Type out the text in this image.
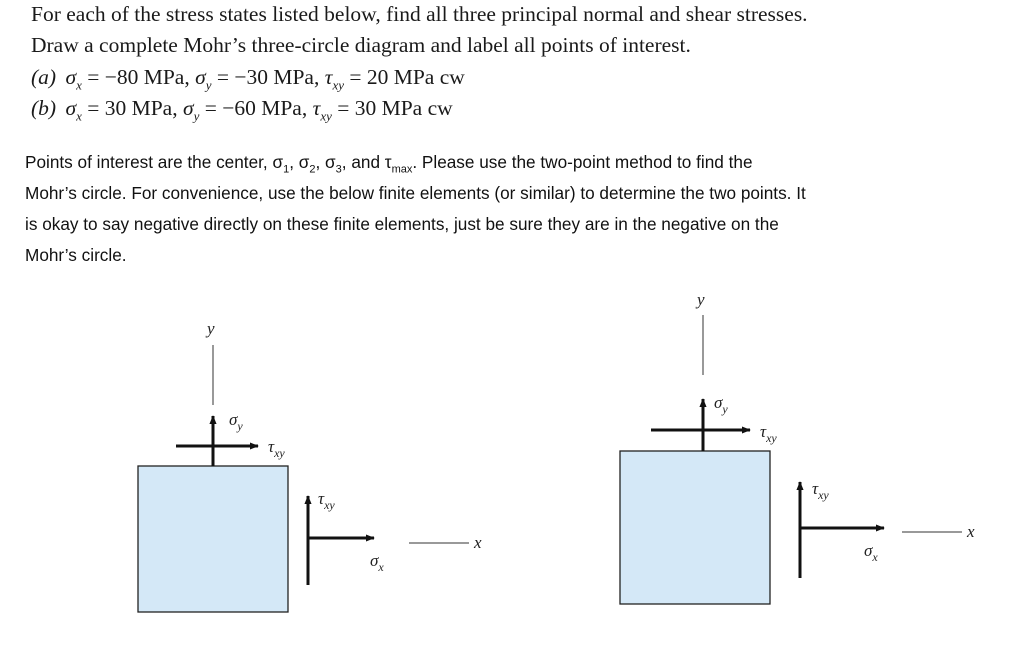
For each of the stress states listed below, find all three principal normal and shear stresses.
Draw a complete Mohr’s three-circle diagram and label all points of interest.
(a) $\sigma_x = -80$ MPa, $\sigma_y = -30$ MPa, $\tau_{xy} = 20$ MPa cw
(b) $\sigma_x = 30$ MPa, $\sigma_y = -60$ MPa, $\tau_{xy} = 30$ MPa cw
Points of interest are the center, $\sigma_1$, $\sigma_2$, $\sigma_3$, and $\tau_{max}$. Please use the two-point method to find the
Mohr’s circle. For convenience, use the below finite elements (or similar) to determine the two points. It
is okay to say negative directly on these finite elements, just be sure they are in the negative on the
Mohr’s circle.
y
$\sigma_y$
$\tau_{xy}$
$\tau_{xy}$
$\sigma_x$
x
y
$\sigma_y$
$\tau_{xy}$
$\tau_{xy}$
$\sigma_x$
x
